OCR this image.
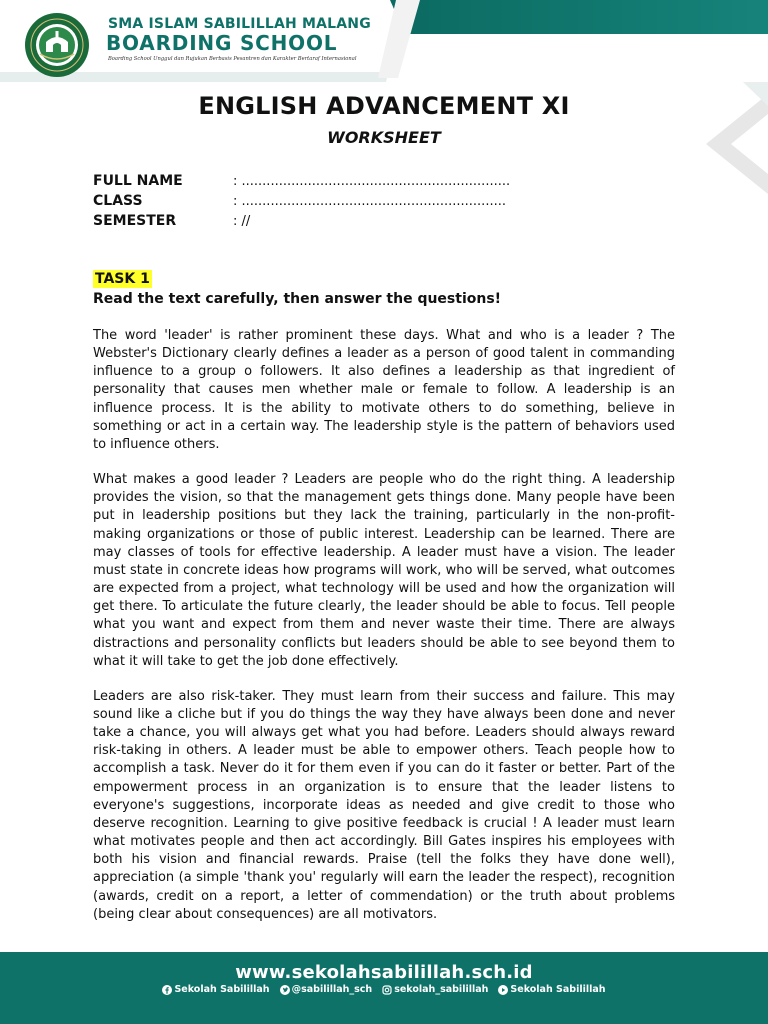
SMA ISLAM SABILILLAH MALANG
BOARDING SCHOOL
Boarding School Unggul dan Rujukan Berbasis Pesantren dan Karakter Bertaraf Internasional
ENGLISH ADVANCEMENT XI
WORKSHEET
FULL NAME	: .................................................................
CLASS	: ................................................................
SEMESTER	: //
TASK 1
Read the text carefully, then answer the questions!

The word 'leader' is rather prominent these days. What and who is a leader ? The Webster's Dictionary clearly defines a leader as a person of good talent in commanding influence to a group o followers. It also defines a leadership as that ingredient of personality that causes men whether male or female to follow. A leadership is an influence process. It is the ability to motivate others to do something, believe in something or act in a certain way. The leadership style is the pattern of behaviors used to influence others.

What makes a good leader ? Leaders are people who do the right thing. A leadership provides the vision, so that the management gets things done. Many people have been put in leadership positions but they lack the training, particularly in the non-profit-making organizations or those of public interest. Leadership can be learned. There are may classes of tools for effective leadership. A leader must have a vision. The leader must state in concrete ideas how programs will work, who will be served, what outcomes are expected from a project, what technology will be used and how the organization will get there. To articulate the future clearly, the leader should be able to focus. Tell people what you want and expect from them and never waste their time. There are always distractions and personality conflicts but leaders should be able to see beyond them to what it will take to get the job done effectively.

Leaders are also risk-taker. They must learn from their success and failure. This may sound like a cliche but if you do things the way they have always been done and never take a chance, you will always get what you had before. Leaders should always reward risk-taking in others. A leader must be able to empower others. Teach people how to accomplish a task. Never do it for them even if you can do it faster or better. Part of the empowerment process in an organization is to ensure that the leader listens to everyone's suggestions, incorporate ideas as needed and give credit to those who deserve recognition. Learning to give positive feedback is crucial ! A leader must learn what motivates people and then act accordingly. Bill Gates inspires his employees with both his vision and financial rewards. Praise (tell the folks they have done well), appreciation (a simple 'thank you' regularly will earn the leader the respect), recognition (awards, credit on a report, a letter of commendation) or the truth about problems (being clear about consequences) are all motivators.

www.sekolahsabilillah.sch.id
Sekolah Sabilillah @sabilillah_sch sekolah_sabilillah Sekolah Sabilillah
